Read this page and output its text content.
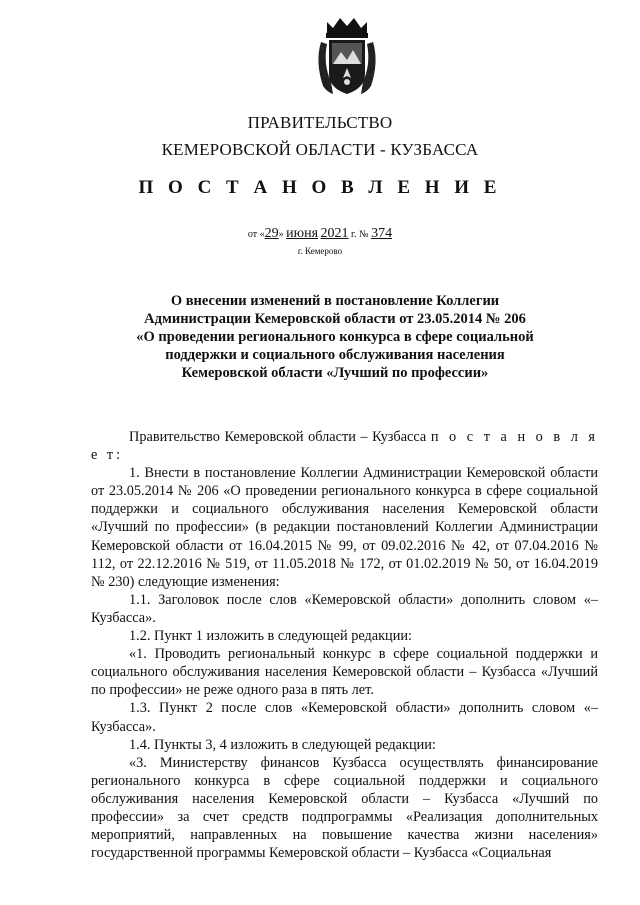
ПРАВИТЕЛЬСТВО
КЕМЕРОВСКОЙ ОБЛАСТИ - КУЗБАССА
П О С Т А Н О В Л Е Н И Е
от «29» июня 2021 г. № 374
г. Кемерово
О внесении изменений в постановление Коллегии Администрации Кемеровской области от 23.05.2014 № 206 «О проведении регионального конкурса в сфере социальной поддержки и социального обслуживания населения Кемеровской области «Лучший по профессии»

Правительство Кемеровской области – Кузбасса п о с т а н о в л я е т:

1. Внести в постановление Коллегии Администрации Кемеровской области от 23.05.2014 № 206 «О проведении регионального конкурса в сфере социальной поддержки и социального обслуживания населения Кемеровской области «Лучший по профессии» (в редакции постановлений Коллегии Администрации Кемеровской области от 16.04.2015 № 99, от 09.02.2016 № 42, от 07.04.2016 № 112, от 22.12.2016 № 519, от 11.05.2018 № 172, от 01.02.2019 № 50, от 16.04.2019 № 230) следующие изменения:

1.1. Заголовок после слов «Кемеровской области» дополнить словом «– Кузбасса».

1.2. Пункт 1 изложить в следующей редакции:

«1. Проводить региональный конкурс в сфере социальной поддержки и социального обслуживания населения Кемеровской области – Кузбасса «Лучший по профессии» не реже одного раза в пять лет.

1.3. Пункт 2 после слов «Кемеровской области» дополнить словом «– Кузбасса».

1.4. Пункты 3, 4 изложить в следующей редакции:

«3. Министерству финансов Кузбасса осуществлять финансирование регионального конкурса в сфере социальной поддержки и социального обслуживания населения Кемеровской области – Кузбасса «Лучший по профессии» за счет средств подпрограммы «Реализация дополнительных мероприятий, направленных на повышение качества жизни населения» государственной программы Кемеровской области – Кузбасса «Социальная
